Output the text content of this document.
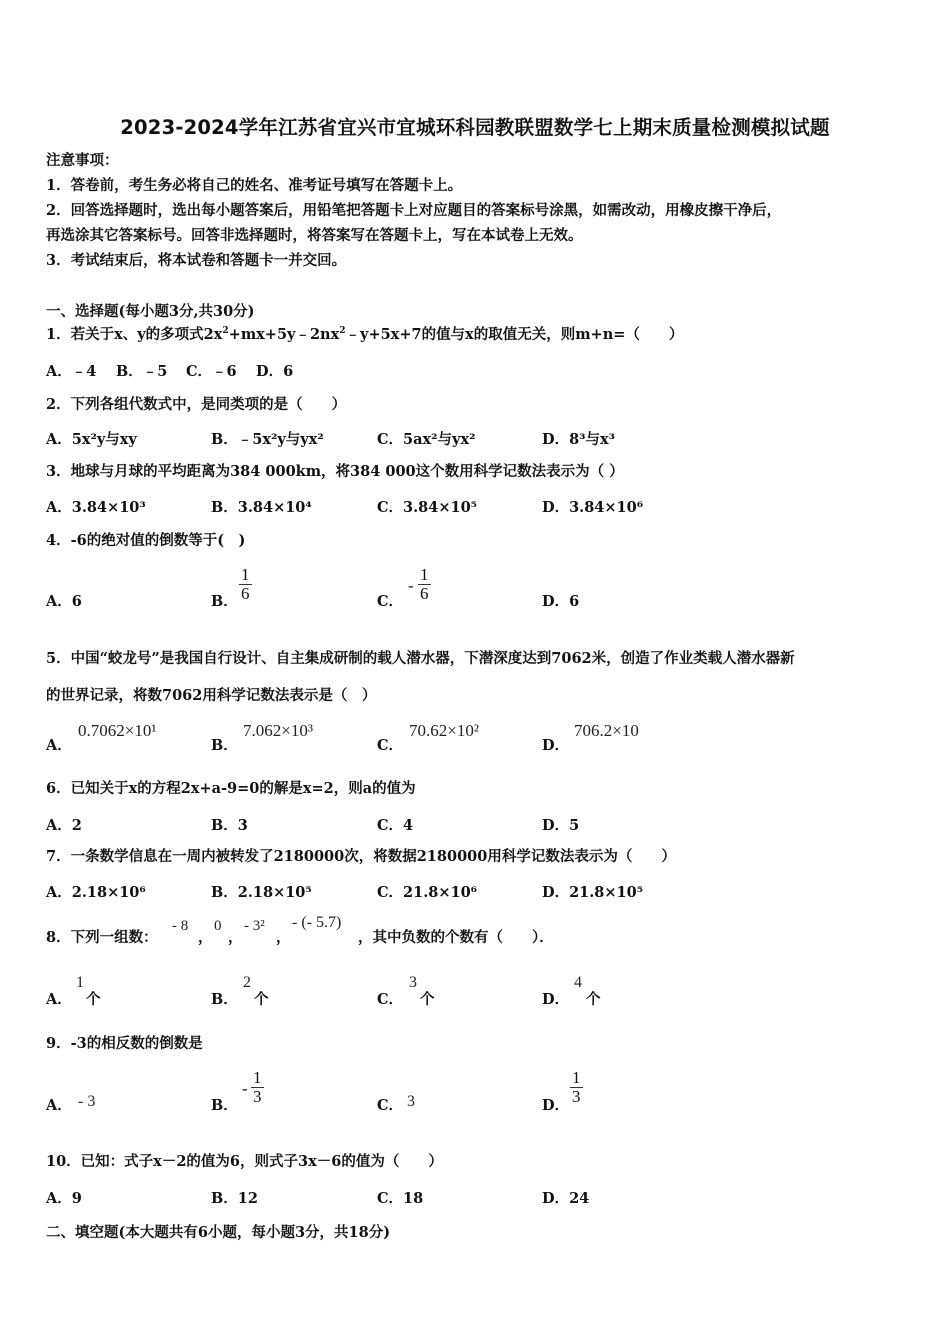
2023-2024学年江苏省宜兴市宜城环科园教联盟数学七上期末质量检测模拟试题
注意事项：
1．答卷前，考生务必将自己的姓名、准考证号填写在答题卡上。
2．回答选择题时，选出每小题答案后，用铅笔把答题卡上对应题目的答案标号涂黑，如需改动，用橡皮擦干净后，
再选涂其它答案标号。回答非选择题时，将答案写在答题卡上，写在本试卷上无效。
3．考试结束后，将本试卷和答题卡一并交回。
一、选择题(每小题3分,共30分)
1．若关于x、y的多项式$2x^2+mx+5y﹣2nx^2﹣y+5x+7$的值与x的取值无关，则m+n=（　　）
A．﹣4 B．﹣5 C．﹣6 D．6
2．下列各组代数式中，是同类项的是（　　）
A．5x²y与xy	B．﹣5x²y与yx²	C．5ax²与yx²	D．8³与x³
3．地球与月球的平均距离为384 000km，将384 000这个数用科学记数法表示为（ ）
A．3.84×10³	B．3.84×10⁴	C．3.84×10⁵	D．3.84×10⁶
4．-6的绝对值的倒数等于(　)
A．6	B． $\frac{1}{6}$	C．
- $\frac{1}{6}$	D．6
5．中国“蛟龙号”是我国自行设计、自主集成研制的载人潜水器，下潜深度达到7062米，创造了作业类载人潜水器新
的世界记录，将数7062用科学记数法表示是（　）
A．
0.7062×10¹
B．
7.062×10³
C．
70.62×10²
D．
706.2×10
6．已知关于x的方程2x+a-9=0的解是x=2，则a的值为
A．2	B．3	C．4	D．5
7．一条数学信息在一周内被转发了2180000次，将数据2180000用科学记数法表示为（　　）
A．2.18×10⁶	B．2.18×10⁵	C．21.8×10⁶	D．21.8×10⁵
8．下列一组数：
- 8
，
0
，
- 3²
，
- (- 5.7)
，其中负数的个数有（　　）．
A．
1
个	B．
2
个	C．
3
个	D．
4
个
9．-3的相反数的倒数是
A． - 3	B．
- $\frac{1}{3}$	C． 3	D． $\frac{1}{3}$
10．已知：式子x－2的值为6，则式子3x－6的值为（　　）
A．9	B．12	C．18	D．24
二、填空题(本大题共有6小题，每小题3分，共18分)
